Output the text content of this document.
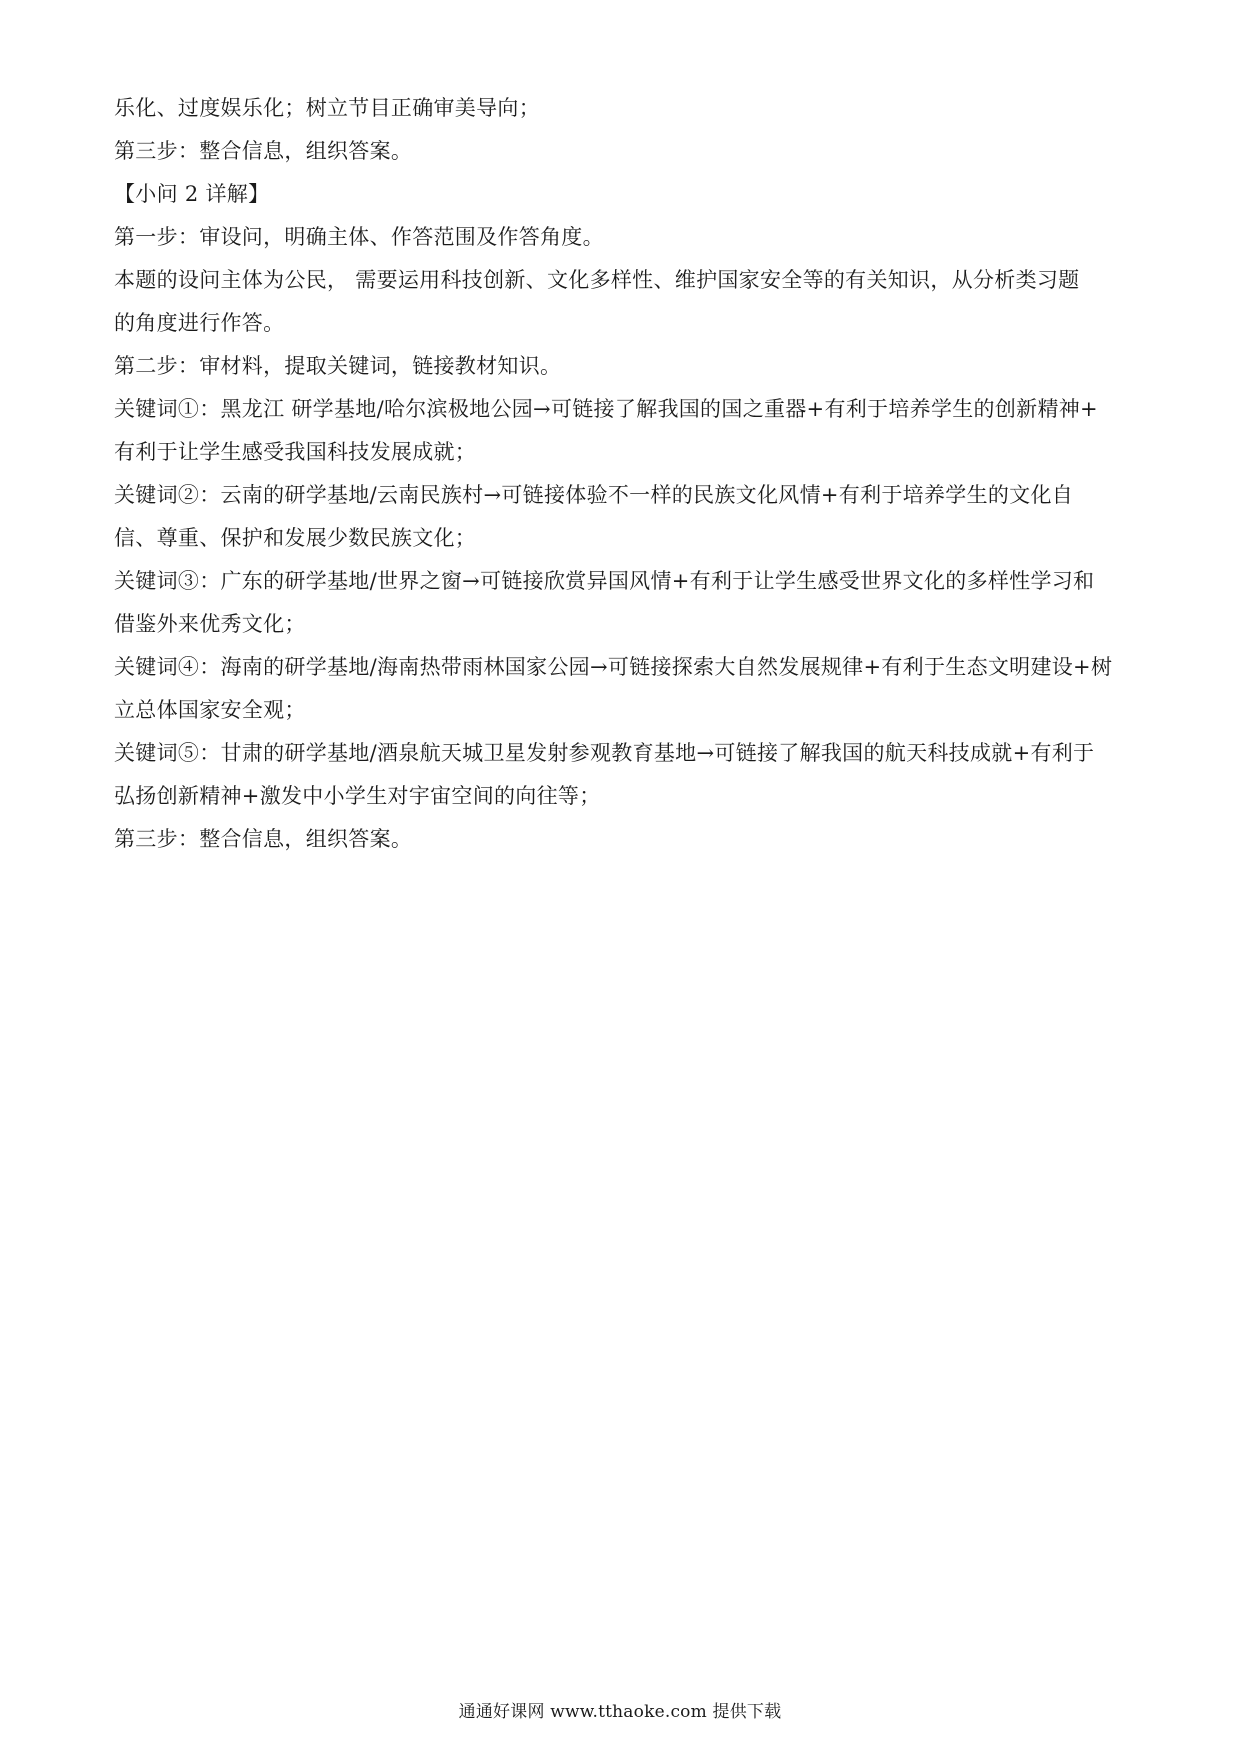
乐化、过度娱乐化；树立节目正确审美导向；
第三步：整合信息，组织答案。
【小问 2 详解】
第一步：审设问，明确主体、作答范围及作答角度。
本题的设问主体为公民， 需要运用科技创新、文化多样性、维护国家安全等的有关知识，从分析类习题
的角度进行作答。
第二步：审材料，提取关键词，链接教材知识。
关键词①：黑龙江 研学基地/哈尔滨极地公园→可链接了解我国的国之重器+有利于培养学生的创新精神+
有利于让学生感受我国科技发展成就；
关键词②：云南的研学基地/云南民族村→可链接体验不一样的民族文化风情+有利于培养学生的文化自
信、尊重、保护和发展少数民族文化；
关键词③：广东的研学基地/世界之窗→可链接欣赏异国风情+有利于让学生感受世界文化的多样性学习和
借鉴外来优秀文化；
关键词④：海南的研学基地/海南热带雨林国家公园→可链接探索大自然发展规律+有利于生态文明建设+树
立总体国家安全观；
关键词⑤：甘肃的研学基地/酒泉航天城卫星发射参观教育基地→可链接了解我国的航天科技成就+有利于
弘扬创新精神+激发中小学生对宇宙空间的向往等；
第三步：整合信息，组织答案。
通通好课网 www.tthaoke.com 提供下载
